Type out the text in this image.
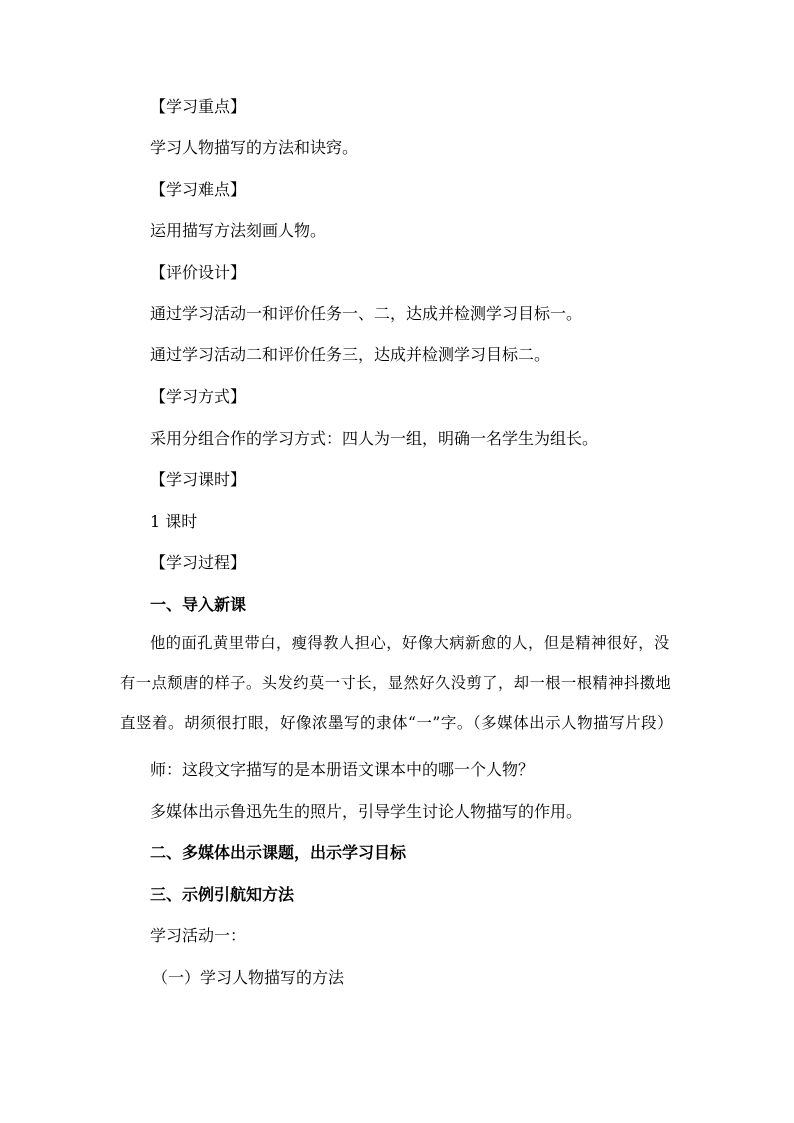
【学习重点】
学习人物描写的方法和诀窍。
【学习难点】
运用描写方法刻画人物。
【评价设计】
通过学习活动一和评价任务一、二，达成并检测学习目标一。
通过学习活动二和评价任务三，达成并检测学习目标二。
【学习方式】
采用分组合作的学习方式：四人为一组，明确一名学生为组长。
【学习课时】
1 课时
【学习过程】
一、导入新课
他的面孔黄里带白，瘦得教人担心，好像大病新愈的人，但是精神很好，没
有一点颓唐的样子。头发约莫一寸长，显然好久没剪了，却一根一根精神抖擞地
直竖着。胡须很打眼，好像浓墨写的隶体“一”字。（多媒体出示人物描写片段）
师：这段文字描写的是本册语文课本中的哪一个人物？
多媒体出示鲁迅先生的照片，引导学生讨论人物描写的作用。
二、多媒体出示课题，出示学习目标
三、示例引航知方法
学习活动一：
（一）学习人物描写的方法
